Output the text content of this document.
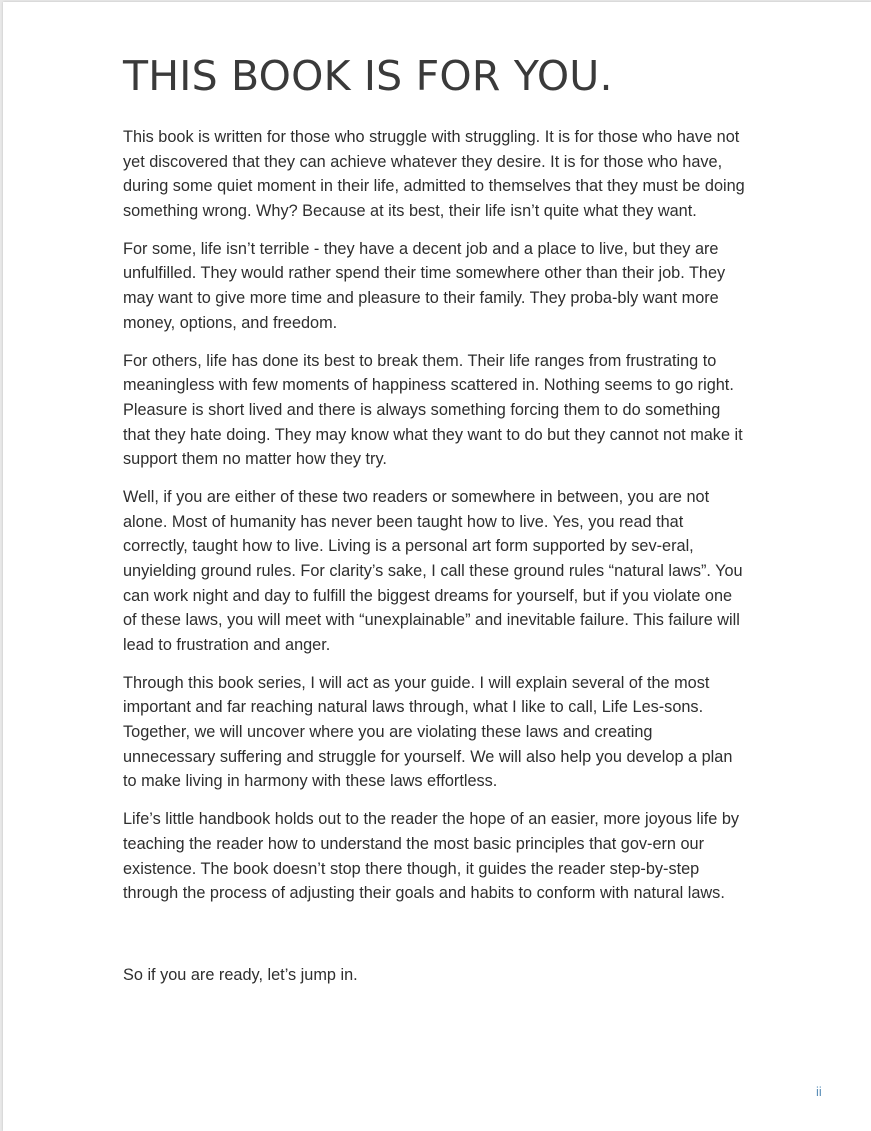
THIS BOOK IS FOR YOU.

This book is written for those who struggle with struggling. It is for those who have not yet discovered that they can achieve whatever they desire. It is for those who have, during some quiet moment in their life, admitted to themselves that they must be doing something wrong. Why? Because at its best, their life isn’t quite what they want.

For some, life isn’t terrible - they have a decent job and a place to live, but they are unfulfilled. They would rather spend their time somewhere other than their job. They may want to give more time and pleasure to their family. They proba-bly want more money, options, and freedom.

For others, life has done its best to break them. Their life ranges from frustrating to meaningless with few moments of happiness scattered in. Nothing seems to go right. Pleasure is short lived and there is always something forcing them to do something that they hate doing. They may know what they want to do but they cannot not make it support them no matter how they try.

Well, if you are either of these two readers or somewhere in between, you are not alone. Most of humanity has never been taught how to live. Yes, you read that correctly, taught how to live. Living is a personal art form supported by sev-eral, unyielding ground rules. For clarity’s sake, I call these ground rules “natural laws”. You can work night and day to fulfill the biggest dreams for yourself, but if you violate one of these laws, you will meet with “unexplainable” and inevitable failure. This failure will lead to frustration and anger.

Through this book series, I will act as your guide. I will explain several of the most important and far reaching natural laws through, what I like to call, Life Les-sons. Together, we will uncover where you are violating these laws and creating unnecessary suffering and struggle for yourself. We will also help you develop a plan to make living in harmony with these laws effortless.

Life’s little handbook holds out to the reader the hope of an easier, more joyous life by teaching the reader how to understand the most basic principles that gov-ern our existence. The book doesn’t stop there though, it guides the reader step-by-step through the process of adjusting their goals and habits to conform with natural laws.

So if you are ready, let’s jump in.

ii
